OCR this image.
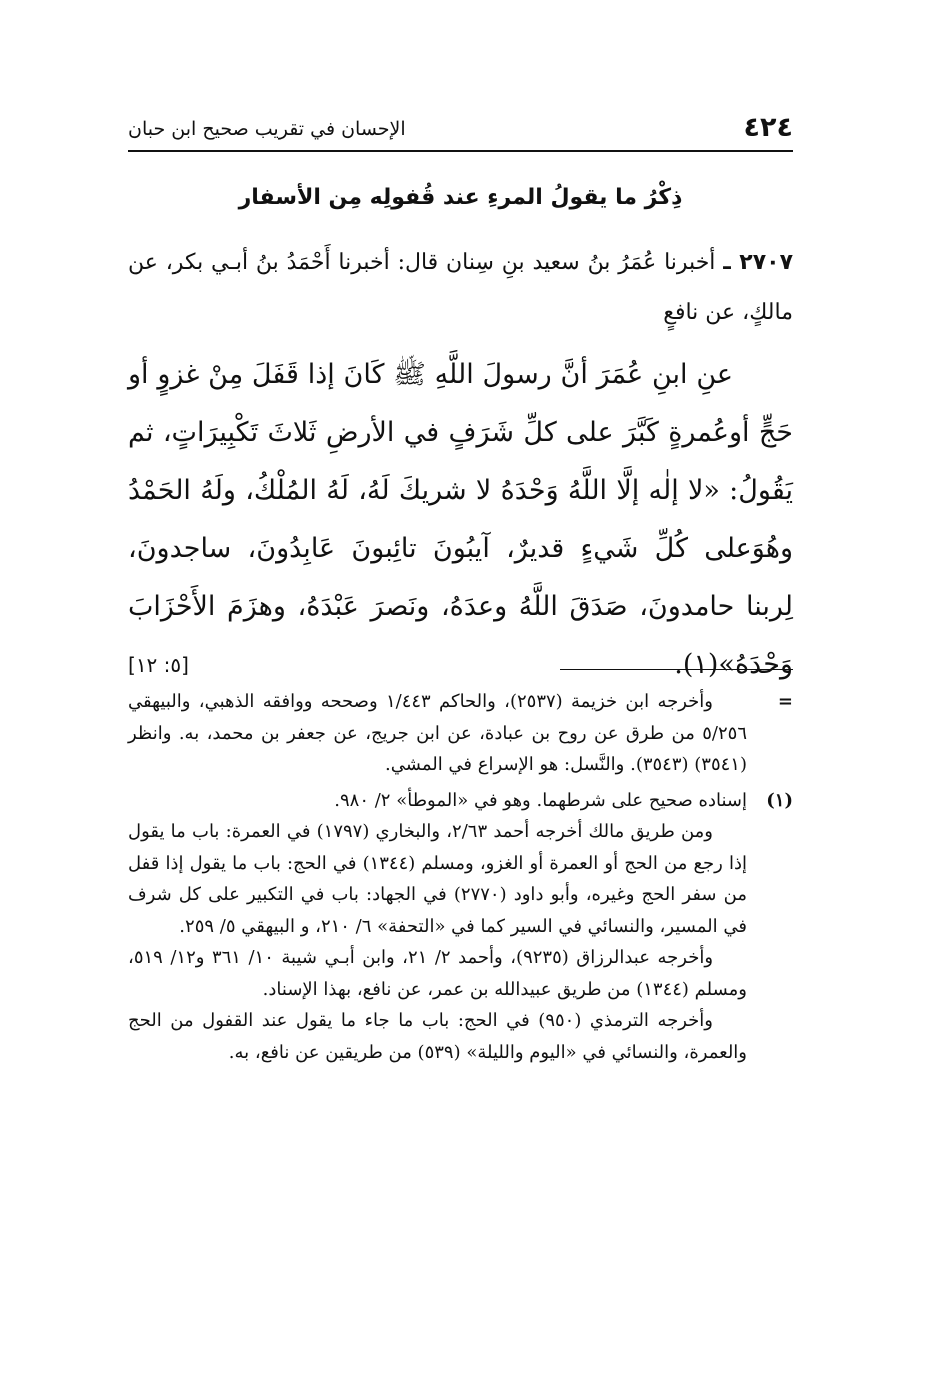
٤٢٤
الإحسان في تقريب صحيح ابن حبان
ذِكْرُ ما يقولُ المرءِ عند قُفولِه مِن الأسفار
٢٧٠٧ ـ أخبرنا عُمَرُ بنُ سعيد بنِ سِنان قال: أخبرنا أَحْمَدُ بنُ أبـي بكر، عن مالكٍ، عن نافعٍ

عنِ ابنِ عُمَرَ أنَّ رسولَ اللَّهِ ﷺ كَانَ إذا قَفَلَ مِنْ غزوٍ أو حَجٍّ أوعُمرةٍ كَبَّرَ على كلِّ شَرَفٍ في الأرضِ ثَلاثَ تَكْبِيرَاتٍ، ثم يَقُولُ: «لا إلٰه إلَّا اللَّهُ وَحْدَهُ لا شريكَ لَهُ، لَهُ المُلْكُ، ولَهُ الحَمْدُ وهُوَعلى كُلِّ شَيءٍ قديرٌ، آيبُونَ تائِبونَ عَابِدُونَ، ساجدونَ، لِربنا حامدونَ، صَدَقَ اللَّهُ وعدَهُ، ونَصرَ عَبْدَهُ، وهزَمَ الأَحْزَابَ وَحْدَهُ»(١).
[٥: ١٢]

=

وأخرجه ابن خزيمة (٢٥٣٧)، والحاكم ١/٤٤٣ وصححه ووافقه الذهبي، والبيهقي ٥/٢٥٦ من طرق عن روح بن عبادة، عن ابن جريج، عن جعفر بن محمد، به. وانظر (٣٥٤١) (٣٥٤٣). والنَّسل: هو الإسراع في المشي.

(١)

إسناده صحيح على شرطهما. وهو في «الموطأ» ٢/ ٩٨٠.

ومن طريق مالك أخرجه أحمد ٢/٦٣، والبخاري (١٧٩٧) في العمرة: باب ما يقول إذا رجع من الحج أو العمرة أو الغزو، ومسلم (١٣٤٤) في الحج: باب ما يقول إذا قفل من سفر الحج وغيره، وأبو داود (٢٧٧٠) في الجهاد: باب في التكبير على كل شرف في المسير، والنسائي في السير كما في «التحفة» ٦/ ٢١٠، و البيهقي ٥/ ٢٥٩.

وأخرجه عبدالرزاق (٩٢٣٥)، وأحمد ٢/ ٢١، وابن أبـي شيبة ١٠/ ٣٦١ و١٢/ ٥١٩، ومسلم (١٣٤٤) من طريق عبيدالله بن عمر، عن نافع، بهذا الإسناد.

وأخرجه الترمذي (٩٥٠) في الحج: باب ما جاء ما يقول عند القفول من الحج والعمرة، والنسائي في «اليوم والليلة» (٥٣٩) من طريقين عن نافع، به.
